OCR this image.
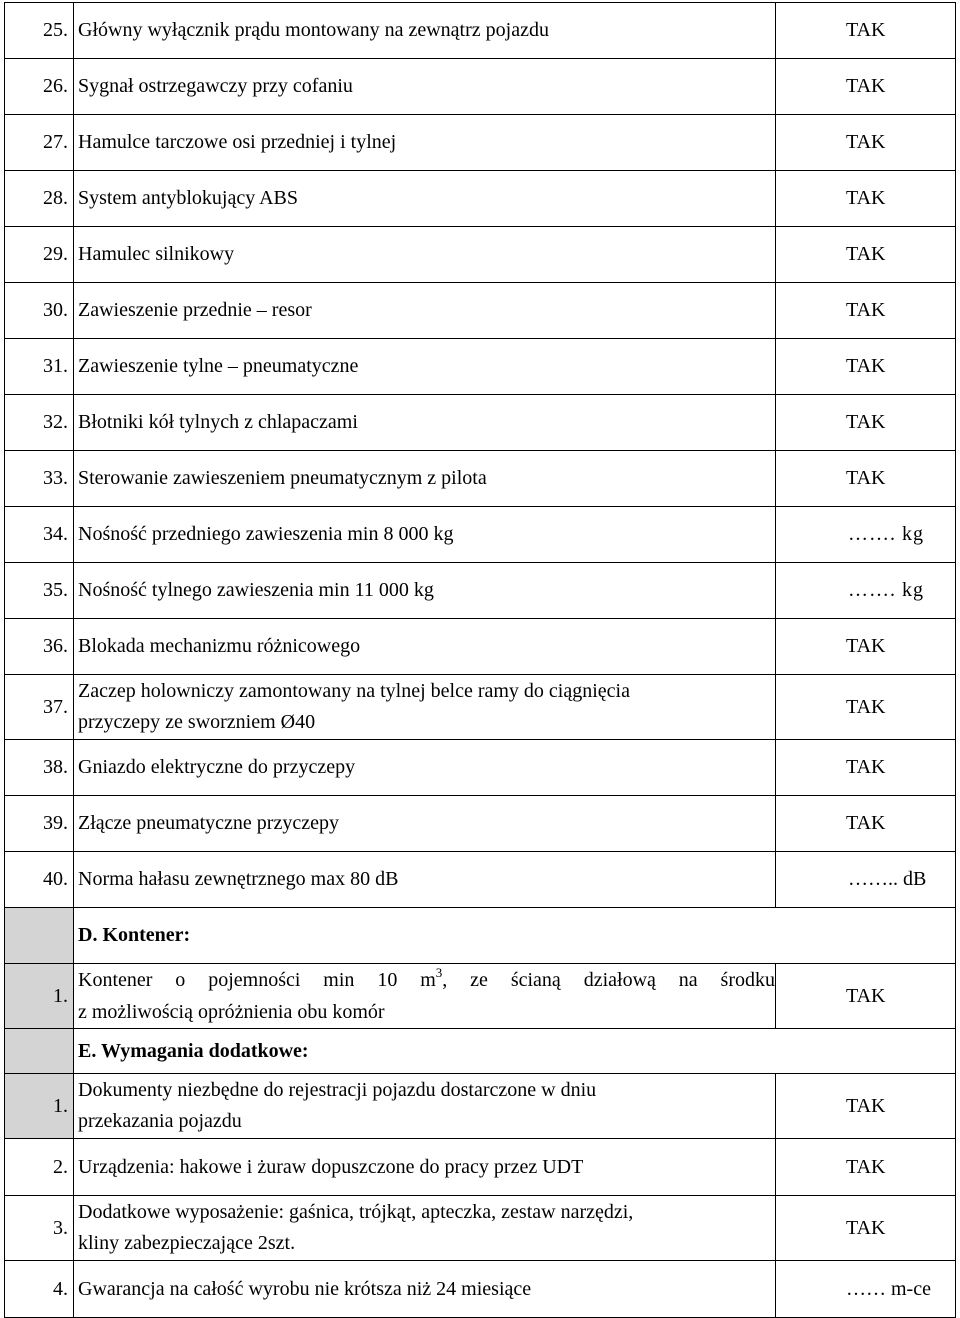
25.	Główny wyłącznik prądu montowany na zewnątrz pojazdu	TAK
26.	Sygnał ostrzegawczy przy cofaniu	TAK
27.	Hamulce tarczowe osi przedniej i tylnej	TAK
28.	System antyblokujący ABS	TAK
29.	Hamulec silnikowy	TAK
30.	Zawieszenie przednie – resor	TAK
31.	Zawieszenie tylne – pneumatyczne	TAK
32.	Błotniki kół tylnych z chlapaczami	TAK
33.	Sterowanie zawieszeniem pneumatycznym z pilota	TAK
34.	Nośność przedniego zawieszenia min 8 000 kg	……. kg
35.	Nośność tylnego zawieszenia min 11 000 kg	……. kg
36.	Blokada mechanizmu różnicowego	TAK
37.	Zaczep holowniczy zamontowany na tylnej belce ramy do ciągnięcia
przyczepy ze sworzniem Ø40	TAK
38.	Gniazdo elektryczne do przyczepy	TAK
39.	Złącze pneumatyczne przyczepy	TAK
40.	Norma hałasu zewnętrznego max 80 dB	…….. dB
	D. Kontener:	
1.	Kontener o pojemności min 10 $m^3$, ze ścianą działową na środku
z możliwością opróżnienia obu komór	TAK
	E. Wymagania dodatkowe:	
1.	Dokumenty niezbędne do rejestracji pojazdu dostarczone w dniu
przekazania pojazdu	TAK
2.	Urządzenia: hakowe i żuraw dopuszczone do pracy przez UDT	TAK
3.	Dodatkowe wyposażenie: gaśnica, trójkąt, apteczka, zestaw narzędzi,
kliny zabezpieczające 2szt.	TAK
4.	Gwarancja na całość wyrobu nie krótsza niż 24 miesiące	…… m-ce
